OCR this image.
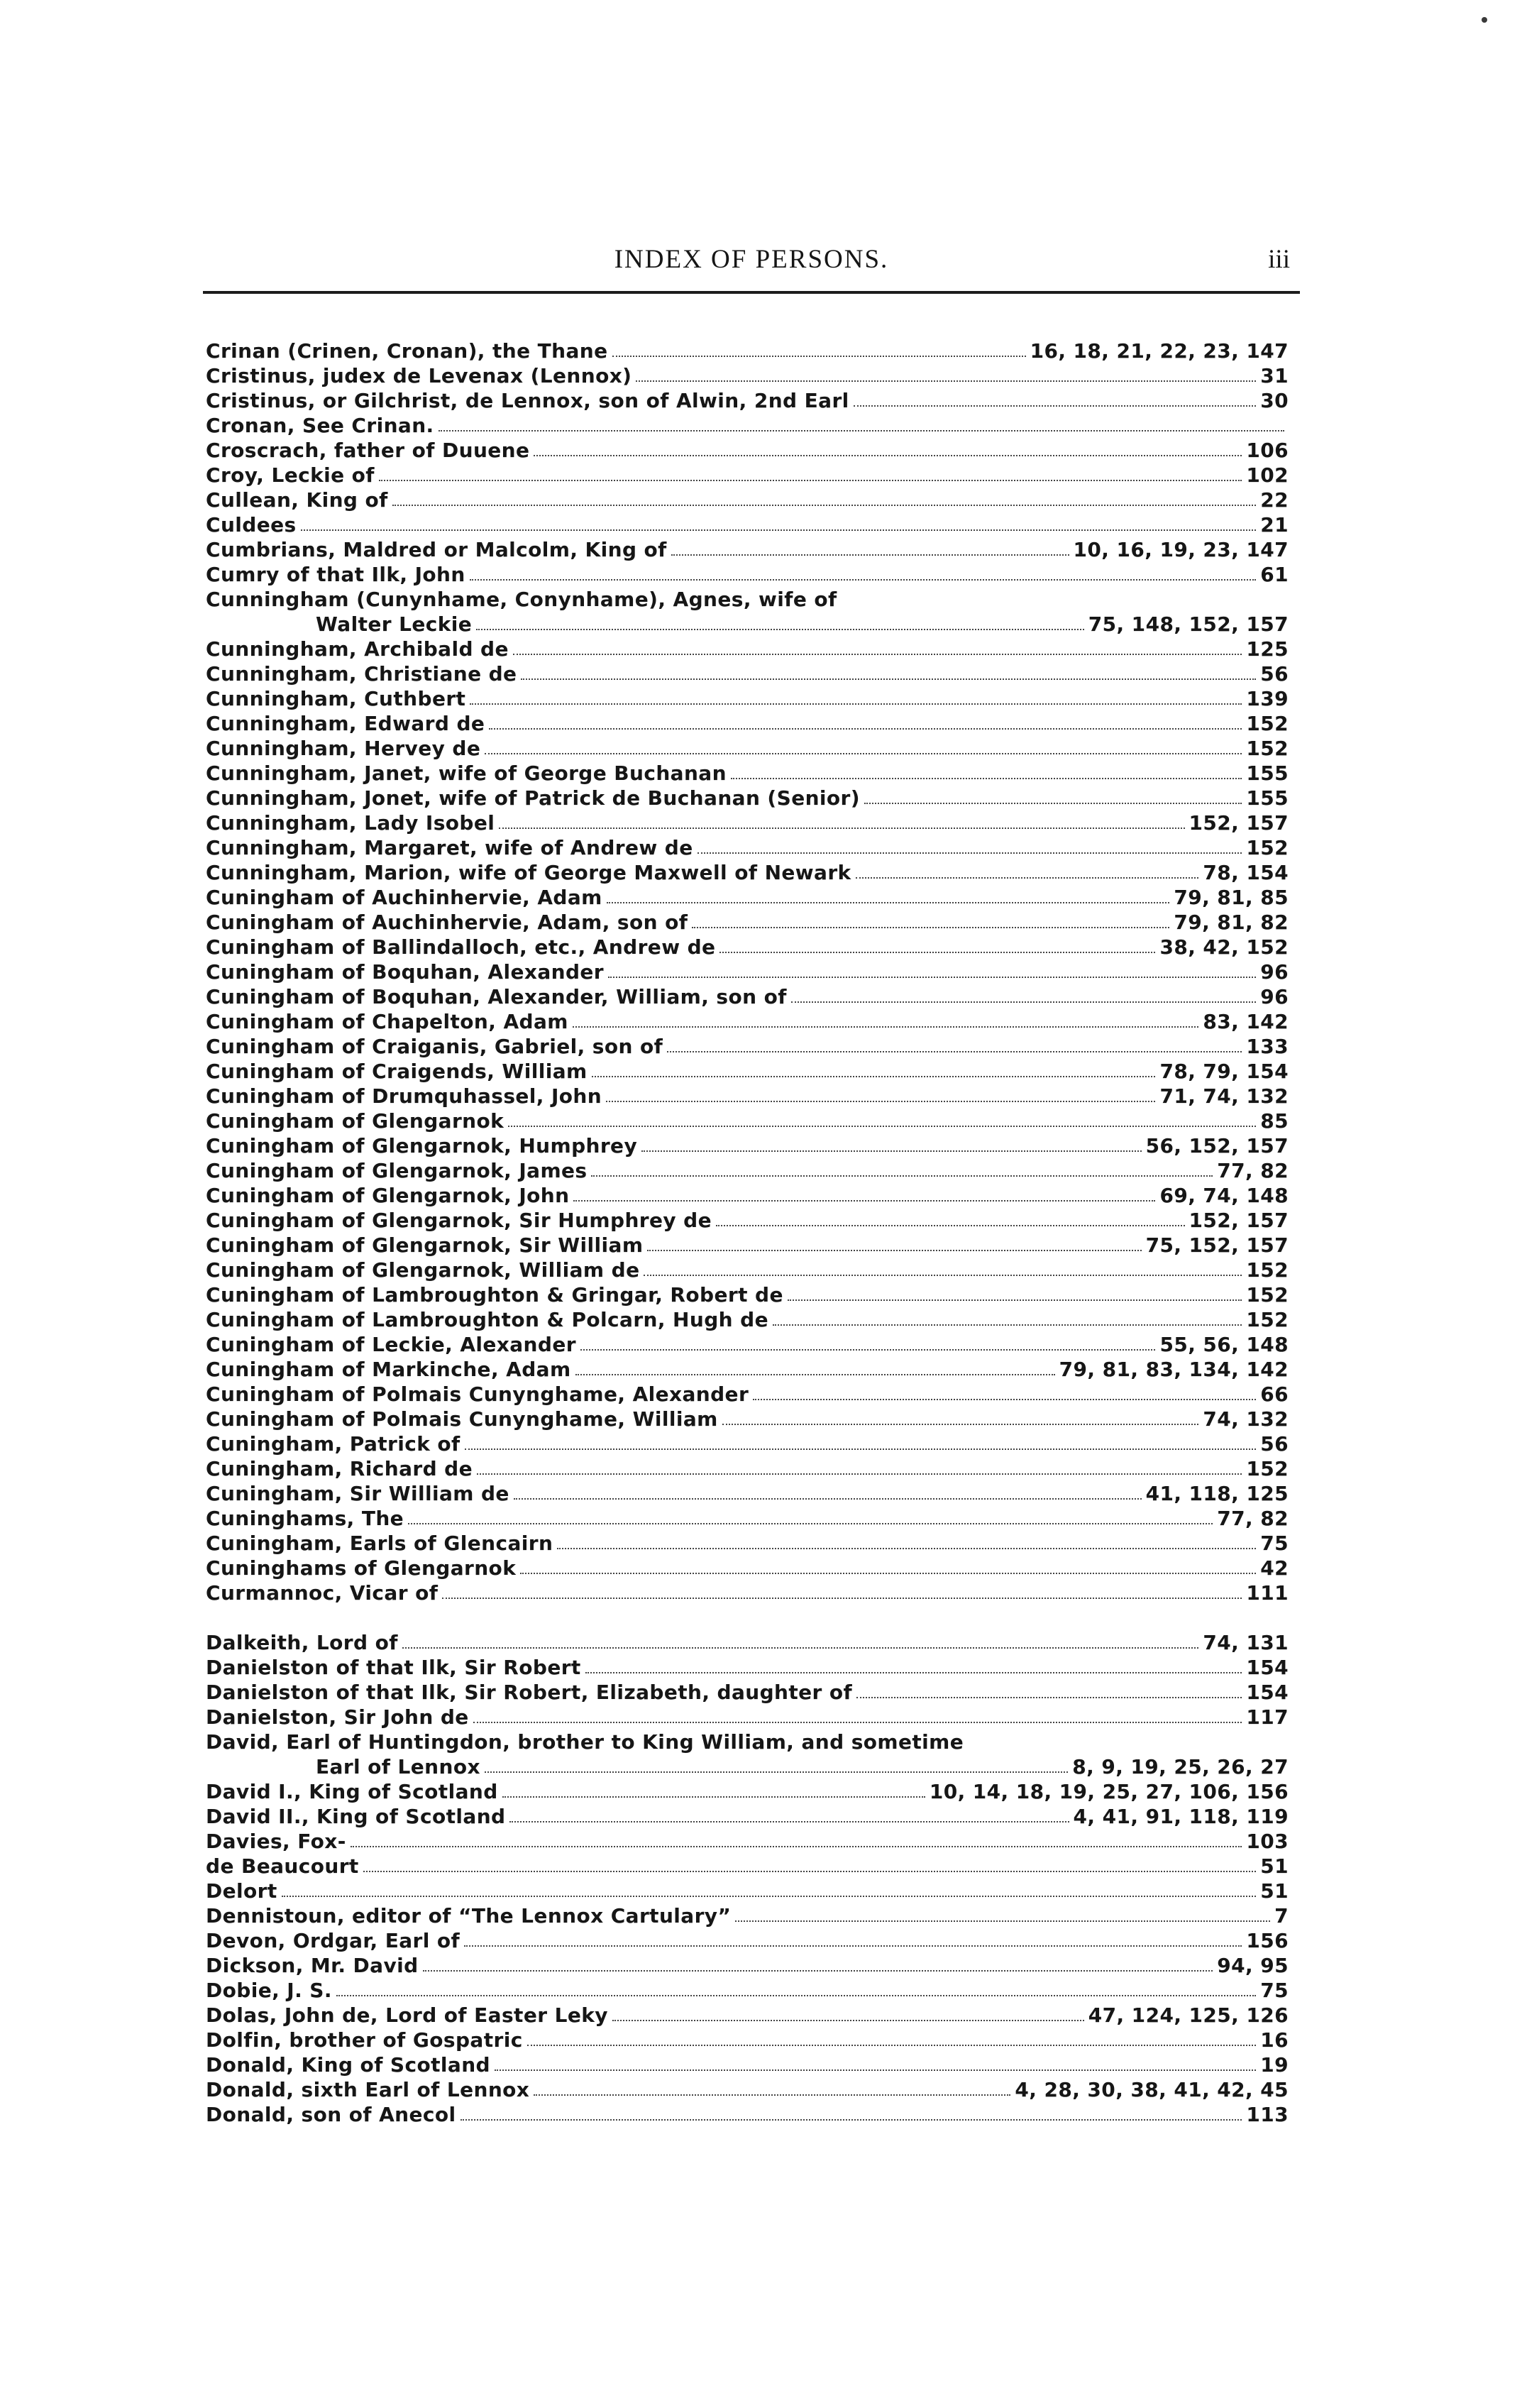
INDEX OF PERSONS.	iii
Crinan (Crinen, Cronan), the Thane	16, 18, 21, 22, 23, 147
Cristinus, judex de Levenax (Lennox)	31
Cristinus, or Gilchrist, de Lennox, son of Alwin, 2nd Earl	30
Cronan, See Crinan.
Croscrach, father of Duuene	106
Croy, Leckie of	102
Cullean, King of	22
Culdees	21
Cumbrians, Maldred or Malcolm, King of	10, 16, 19, 23, 147
Cumry of that Ilk, John	61
Cunningham (Cunynhame, Conynhame), Agnes, wife of
Walter Leckie	75, 148, 152, 157
Cunningham, Archibald de	125
Cunningham, Christiane de	56
Cunningham, Cuthbert	139
Cunningham, Edward de	152
Cunningham, Hervey de	152
Cunningham, Janet, wife of George Buchanan	155
Cunningham, Jonet, wife of Patrick de Buchanan (Senior)	155
Cunningham, Lady Isobel	152, 157
Cunningham, Margaret, wife of Andrew de	152
Cunningham, Marion, wife of George Maxwell of Newark	78, 154
Cuningham of Auchinhervie, Adam	79, 81, 85
Cuningham of Auchinhervie, Adam, son of	79, 81, 82
Cuningham of Ballindalloch, etc., Andrew de	38, 42, 152
Cuningham of Boquhan, Alexander	96
Cuningham of Boquhan, Alexander, William, son of	96
Cuningham of Chapelton, Adam	83, 142
Cuningham of Craiganis, Gabriel, son of	133
Cuningham of Craigends, William	78, 79, 154
Cuningham of Drumquhassel, John	71, 74, 132
Cuningham of Glengarnok	85
Cuningham of Glengarnok, Humphrey	56, 152, 157
Cuningham of Glengarnok, James	77, 82
Cuningham of Glengarnok, John	69, 74, 148
Cuningham of Glengarnok, Sir Humphrey de	152, 157
Cuningham of Glengarnok, Sir William	75, 152, 157
Cuningham of Glengarnok, William de	152
Cuningham of Lambroughton & Gringar, Robert de	152
Cuningham of Lambroughton & Polcarn, Hugh de	152
Cuningham of Leckie, Alexander	55, 56, 148
Cuningham of Markinche, Adam	79, 81, 83, 134, 142
Cuningham of Polmais Cunynghame, Alexander	66
Cuningham of Polmais Cunynghame, William	74, 132
Cuningham, Patrick of	56
Cuningham, Richard de	152
Cuningham, Sir William de	41, 118, 125
Cuninghams, The	77, 82
Cuningham, Earls of Glencairn	75
Cuninghams of Glengarnok	42
Curmannoc, Vicar of	111
Dalkeith, Lord of	74, 131
Danielston of that Ilk, Sir Robert	154
Danielston of that Ilk, Sir Robert, Elizabeth, daughter of	154
Danielston, Sir John de	117
David, Earl of Huntingdon, brother to King William, and sometime
Earl of Lennox	8, 9, 19, 25, 26, 27
David I., King of Scotland	10, 14, 18, 19, 25, 27, 106, 156
David II., King of Scotland	4, 41, 91, 118, 119
Davies, Fox-	103
de Beaucourt	51
Delort	51
Dennistoun, editor of “The Lennox Cartulary”	7
Devon, Ordgar, Earl of	156
Dickson, Mr. David	94, 95
Dobie, J. S.	75
Dolas, John de, Lord of Easter Leky	47, 124, 125, 126
Dolfin, brother of Gospatric	16
Donald, King of Scotland	19
Donald, sixth Earl of Lennox	4, 28, 30, 38, 41, 42, 45
Donald, son of Anecol	113
